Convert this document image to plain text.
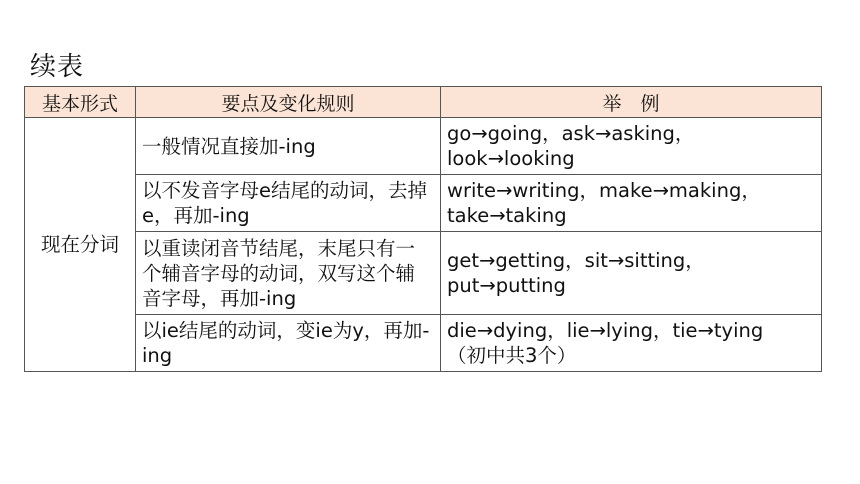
续表
基本形式	要点及变化规则	举　例
现在分词	一般情况直接加-ing	go→going，ask→asking，
look→looking

	以不发音字母e结尾的动词，去掉e，再加-ing	write→writing，make→making，
take→taking

	以重读闭音节结尾，末尾只有一个辅音字母的动词，双写这个辅音字母，再加-ing	get→getting，sit→sitting，
put→putting

	以ie结尾的动词，变ie为y，再加-ing	die→dying，lie→lying，tie→tying
（初中共3个）
